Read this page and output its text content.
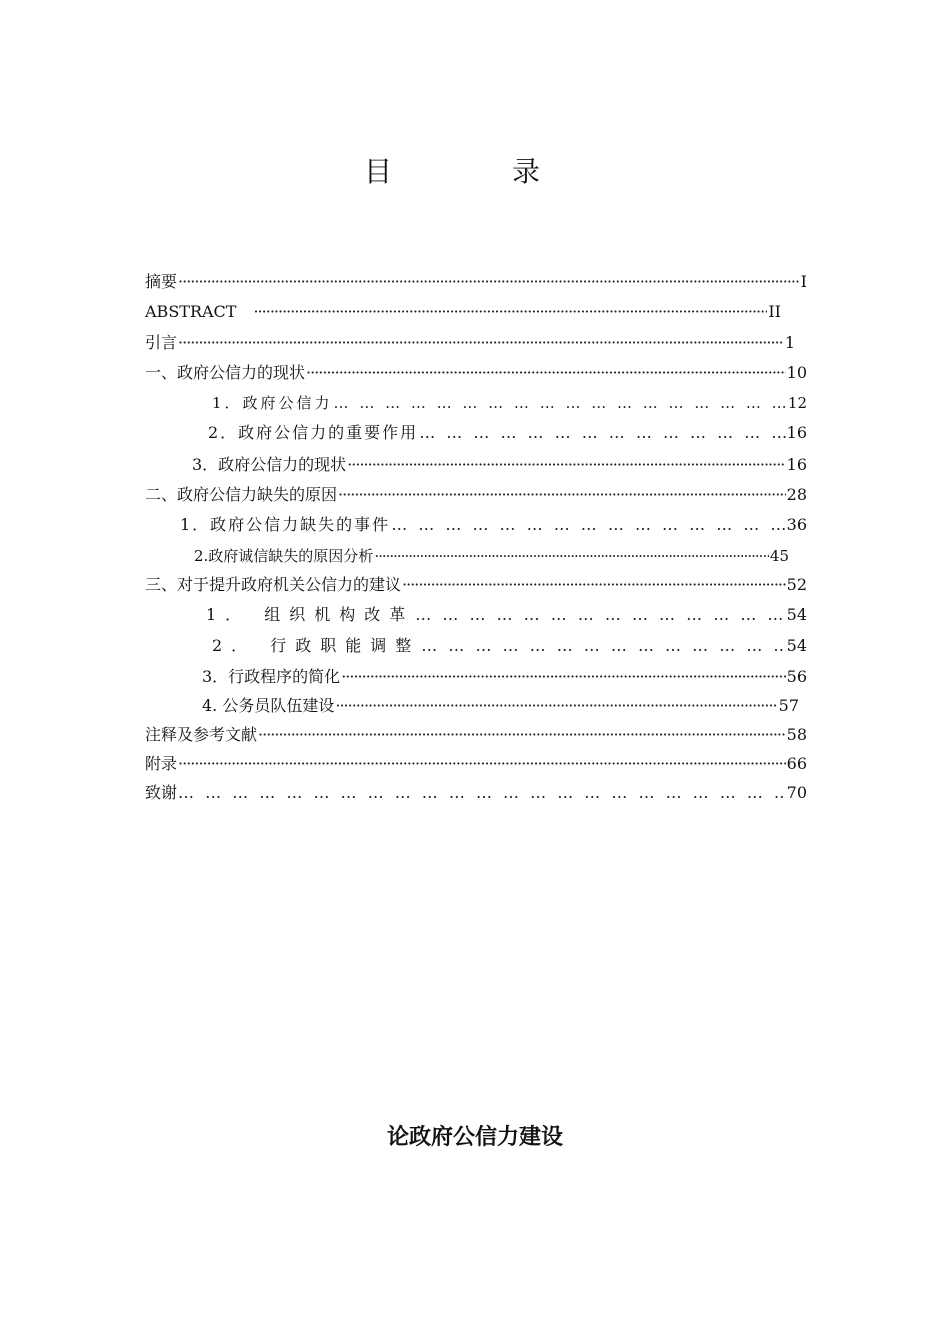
目　录
摘要 ·····	I
ABSTRACT　 ·····	II
引言 ·····	1
一、政府公信力的现状 ·····	10
1．政府公信力 … … … … … … … … … … … … … … … … … … … … … … … … … … … … … … … … … … … … … … … … … … … …	12
2．政府公信力的重要作用 … … … … … … … … … … … … … … … … … … … … … … … … … … … … … … … … … … … … … … … … … … … …	16
3．政府公信力的现状 ·····	16
二、政府公信力缺失的原因 ·····	28
1．政府公信力缺失的事件 … … … … … … … … … … … … … … … … … … … … … … … … … … … … … … … … … … … … … … … … … … … …	36
2.政府诚信缺失的原因分析 ·····	45
三、对于提升政府机关公信力的建议 ·····	52
1． 组织机构改革 … … … … … … … … … … … … … … … … … … … … … … … … … … … … … … … … … … … … … … … … … … … …	54
2． 行政职能调整 … … … … … … … … … … … … … … … … … … … … … … … … … … … … … … … … … … … … … … … … … … … …	54
3．行政程序的简化 ·····	56
4. 公务员队伍建设 ·····	57
注释及参考文献 ·····	58
附录 ·····	66
致谢 … … … … … … … … … … … … … … … … … … … … … … … … … … … … … … … … … … … … … … … … … … … …	70
论政府公信力建设
